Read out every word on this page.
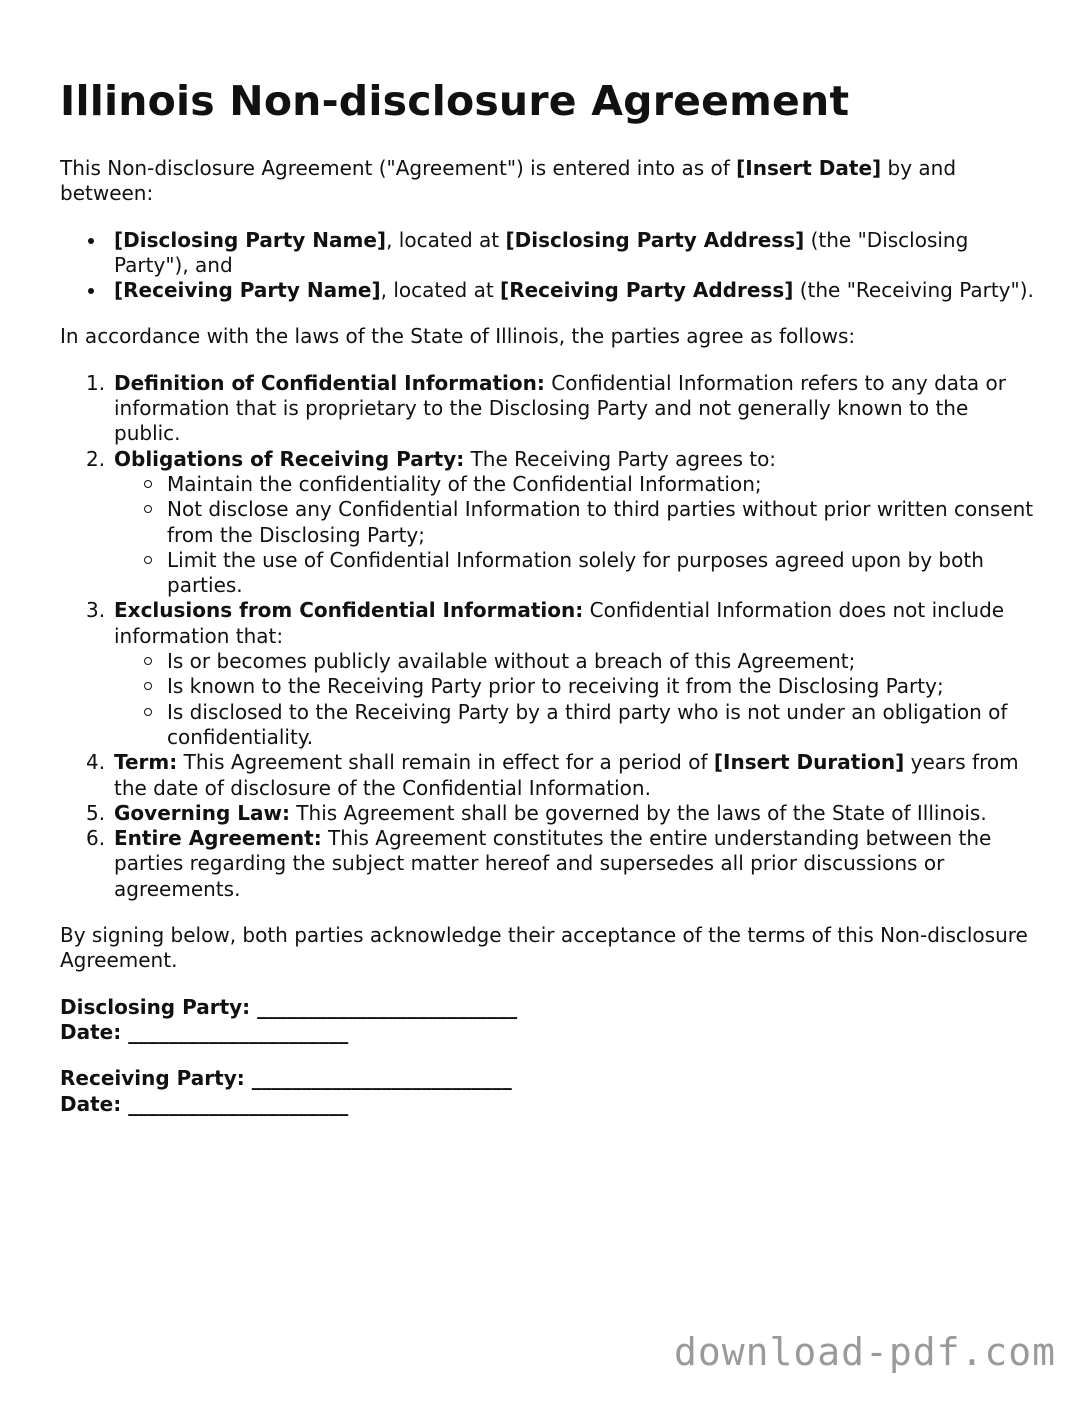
Illinois Non-disclosure Agreement

This Non-disclosure Agreement ("Agreement") is entered into as of [Insert Date] by and between:

[Disclosing Party Name], located at [Disclosing Party Address] (the "Disclosing Party"), and
[Receiving Party Name], located at [Receiving Party Address] (the "Receiving Party").

In accordance with the laws of the State of Illinois, the parties agree as follows:

1. Definition of Confidential Information: Confidential Information refers to any data or information that is proprietary to the Disclosing Party and not generally known to the public.
2. Obligations of Receiving Party: The Receiving Party agrees to:
Maintain the confidentiality of the Confidential Information;
Not disclose any Confidential Information to third parties without prior written consent from the Disclosing Party;
Limit the use of Confidential Information solely for purposes agreed upon by both parties.
3. Exclusions from Confidential Information: Confidential Information does not include information that:
Is or becomes publicly available without a breach of this Agreement;
Is known to the Receiving Party prior to receiving it from the Disclosing Party;
Is disclosed to the Receiving Party by a third party who is not under an obligation of confidentiality.
4. Term: This Agreement shall remain in effect for a period of [Insert Duration] years from the date of disclosure of the Confidential Information.
5. Governing Law: This Agreement shall be governed by the laws of the State of Illinois.
6. Entire Agreement: This Agreement constitutes the entire understanding between the parties regarding the subject matter hereof and supersedes all prior discussions or agreements.

By signing below, both parties acknowledge their acceptance of the terms of this Non-disclosure Agreement.

Disclosing Party: __________________________
Date: ______________________
Receiving Party: __________________________
Date: ______________________
download-pdf.com
